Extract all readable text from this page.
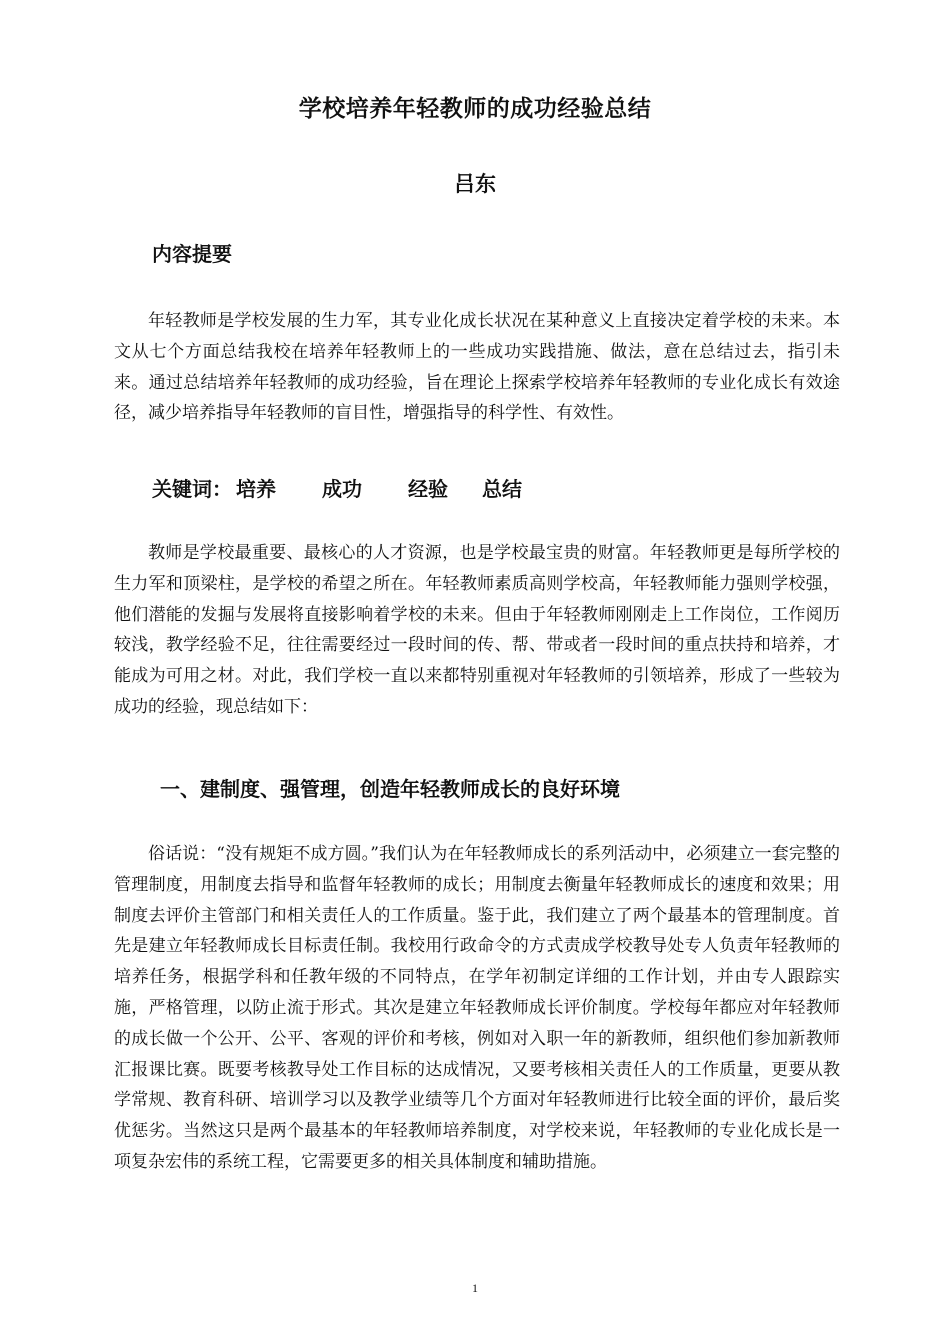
学校培养年轻教师的成功经验总结
吕东
内容提要

年轻教师是学校发展的生力军，其专业化成长状况在某种意义上直接决定着学校的未来。本文从七个方面总结我校在培养年轻教师上的一些成功实践措施、做法，意在总结过去，指引未来。通过总结培养年轻教师的成功经验，旨在理论上探索学校培养年轻教师的专业化成长有效途径，减少培养指导年轻教师的盲目性，增强指导的科学性、有效性。

关键词： 培养 成功 经验 总结

教师是学校最重要、最核心的人才资源，也是学校最宝贵的财富。年轻教师更是每所学校的生力军和顶梁柱，是学校的希望之所在。年轻教师素质高则学校高，年轻教师能力强则学校强，他们潜能的发掘与发展将直接影响着学校的未来。但由于年轻教师刚刚走上工作岗位，工作阅历较浅，教学经验不足，往往需要经过一段时间的传、帮、带或者一段时间的重点扶持和培养，才能成为可用之材。对此，我们学校一直以来都特别重视对年轻教师的引领培养，形成了一些较为成功的经验，现总结如下：

一、建制度、强管理，创造年轻教师成长的良好环境

俗话说：“没有规矩不成方圆。”我们认为在年轻教师成长的系列活动中，必须建立一套完整的管理制度，用制度去指导和监督年轻教师的成长；用制度去衡量年轻教师成长的速度和效果；用制度去评价主管部门和相关责任人的工作质量。鉴于此，我们建立了两个最基本的管理制度。首先是建立年轻教师成长目标责任制。我校用行政命令的方式责成学校教导处专人负责年轻教师的培养任务，根据学科和任教年级的不同特点，在学年初制定详细的工作计划，并由专人跟踪实施，严格管理，以防止流于形式。其次是建立年轻教师成长评价制度。学校每年都应对年轻教师的成长做一个公开、公平、客观的评价和考核，例如对入职一年的新教师，组织他们参加新教师汇报课比赛。既要考核教导处工作目标的达成情况，又要考核相关责任人的工作质量，更要从教学常规、教育科研、培训学习以及教学业绩等几个方面对年轻教师进行比较全面的评价，最后奖优惩劣。当然这只是两个最基本的年轻教师培养制度，对学校来说，年轻教师的专业化成长是一项复杂宏伟的系统工程，它需要更多的相关具体制度和辅助措施。

1
